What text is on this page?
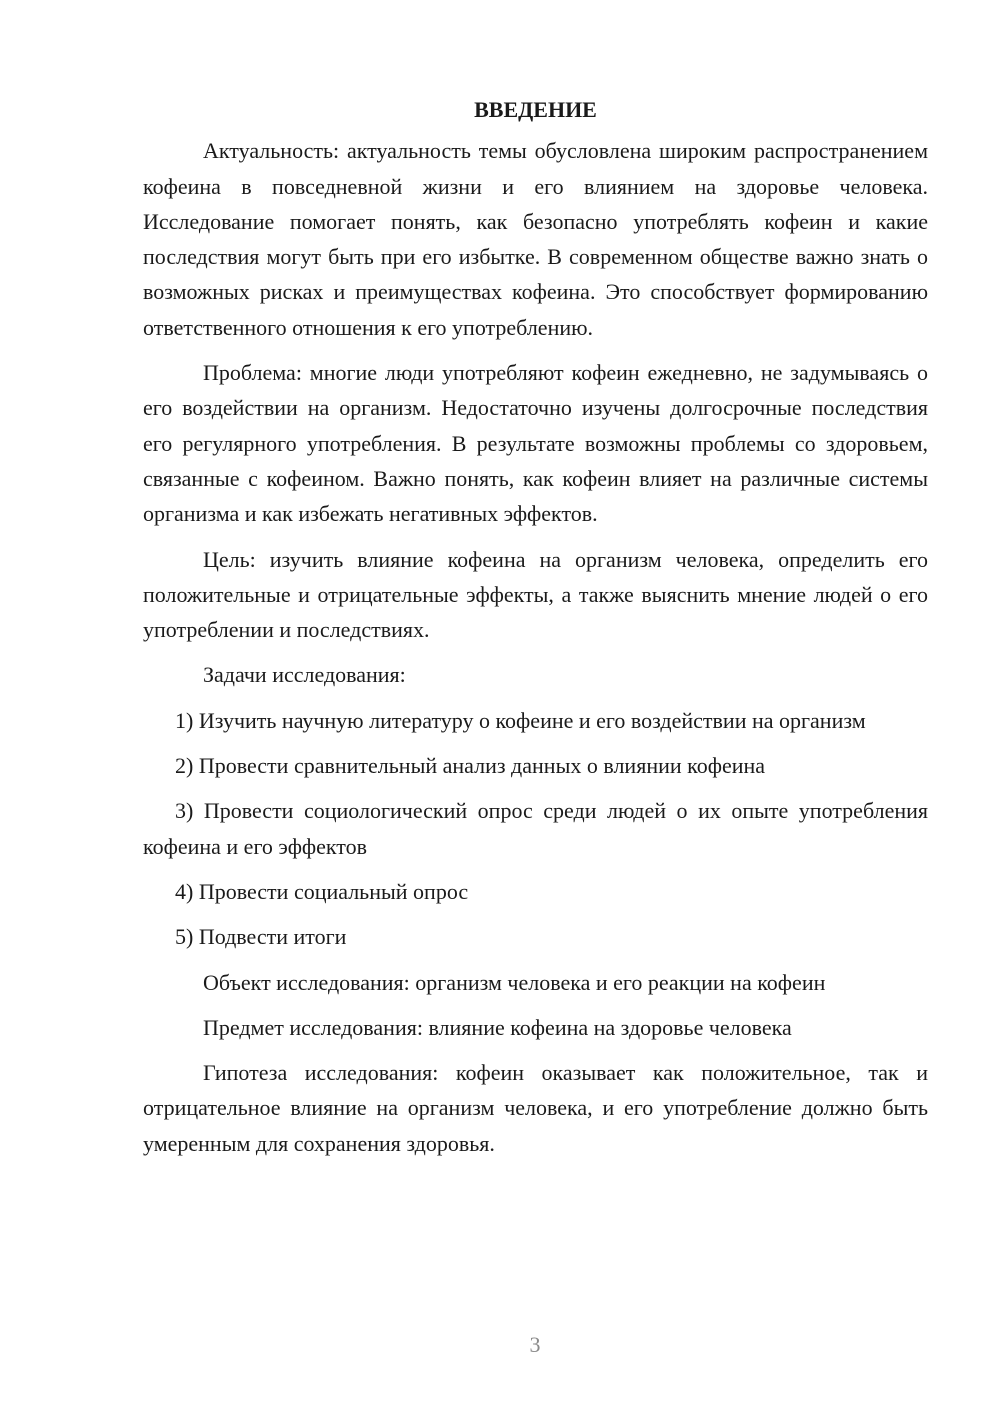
ВВЕДЕНИЕ

Актуальность: актуальность темы обусловлена широким распространением кофеина в повседневной жизни и его влиянием на здоровье человека. Исследование помогает понять, как безопасно употреблять кофеин и какие последствия могут быть при его избытке. В современном обществе важно знать о возможных рисках и преимуществах кофеина. Это способствует формированию ответственного отношения к его употреблению.

Проблема: многие люди употребляют кофеин ежедневно, не задумываясь о его воздействии на организм. Недостаточно изучены долгосрочные последствия его регулярного употребления. В результате возможны проблемы со здоровьем, связанные с кофеином. Важно понять, как кофеин влияет на различные системы организма и как избежать негативных эффектов.

Цель: изучить влияние кофеина на организм человека, определить его положительные и отрицательные эффекты, а также выяснить мнение людей о его употреблении и последствиях.

Задачи исследования:

1) Изучить научную литературу о кофеине и его воздействии на организм

2) Провести сравнительный анализ данных о влиянии кофеина

3) Провести социологический опрос среди людей о их опыте употребления кофеина и его эффектов

4) Провести социальный опрос

5) Подвести итоги

Объект исследования: организм человека и его реакции на кофеин

Предмет исследования: влияние кофеина на здоровье человека

Гипотеза исследования: кофеин оказывает как положительное, так и отрицательное влияние на организм человека, и его употребление должно быть умеренным для сохранения здоровья.

3
